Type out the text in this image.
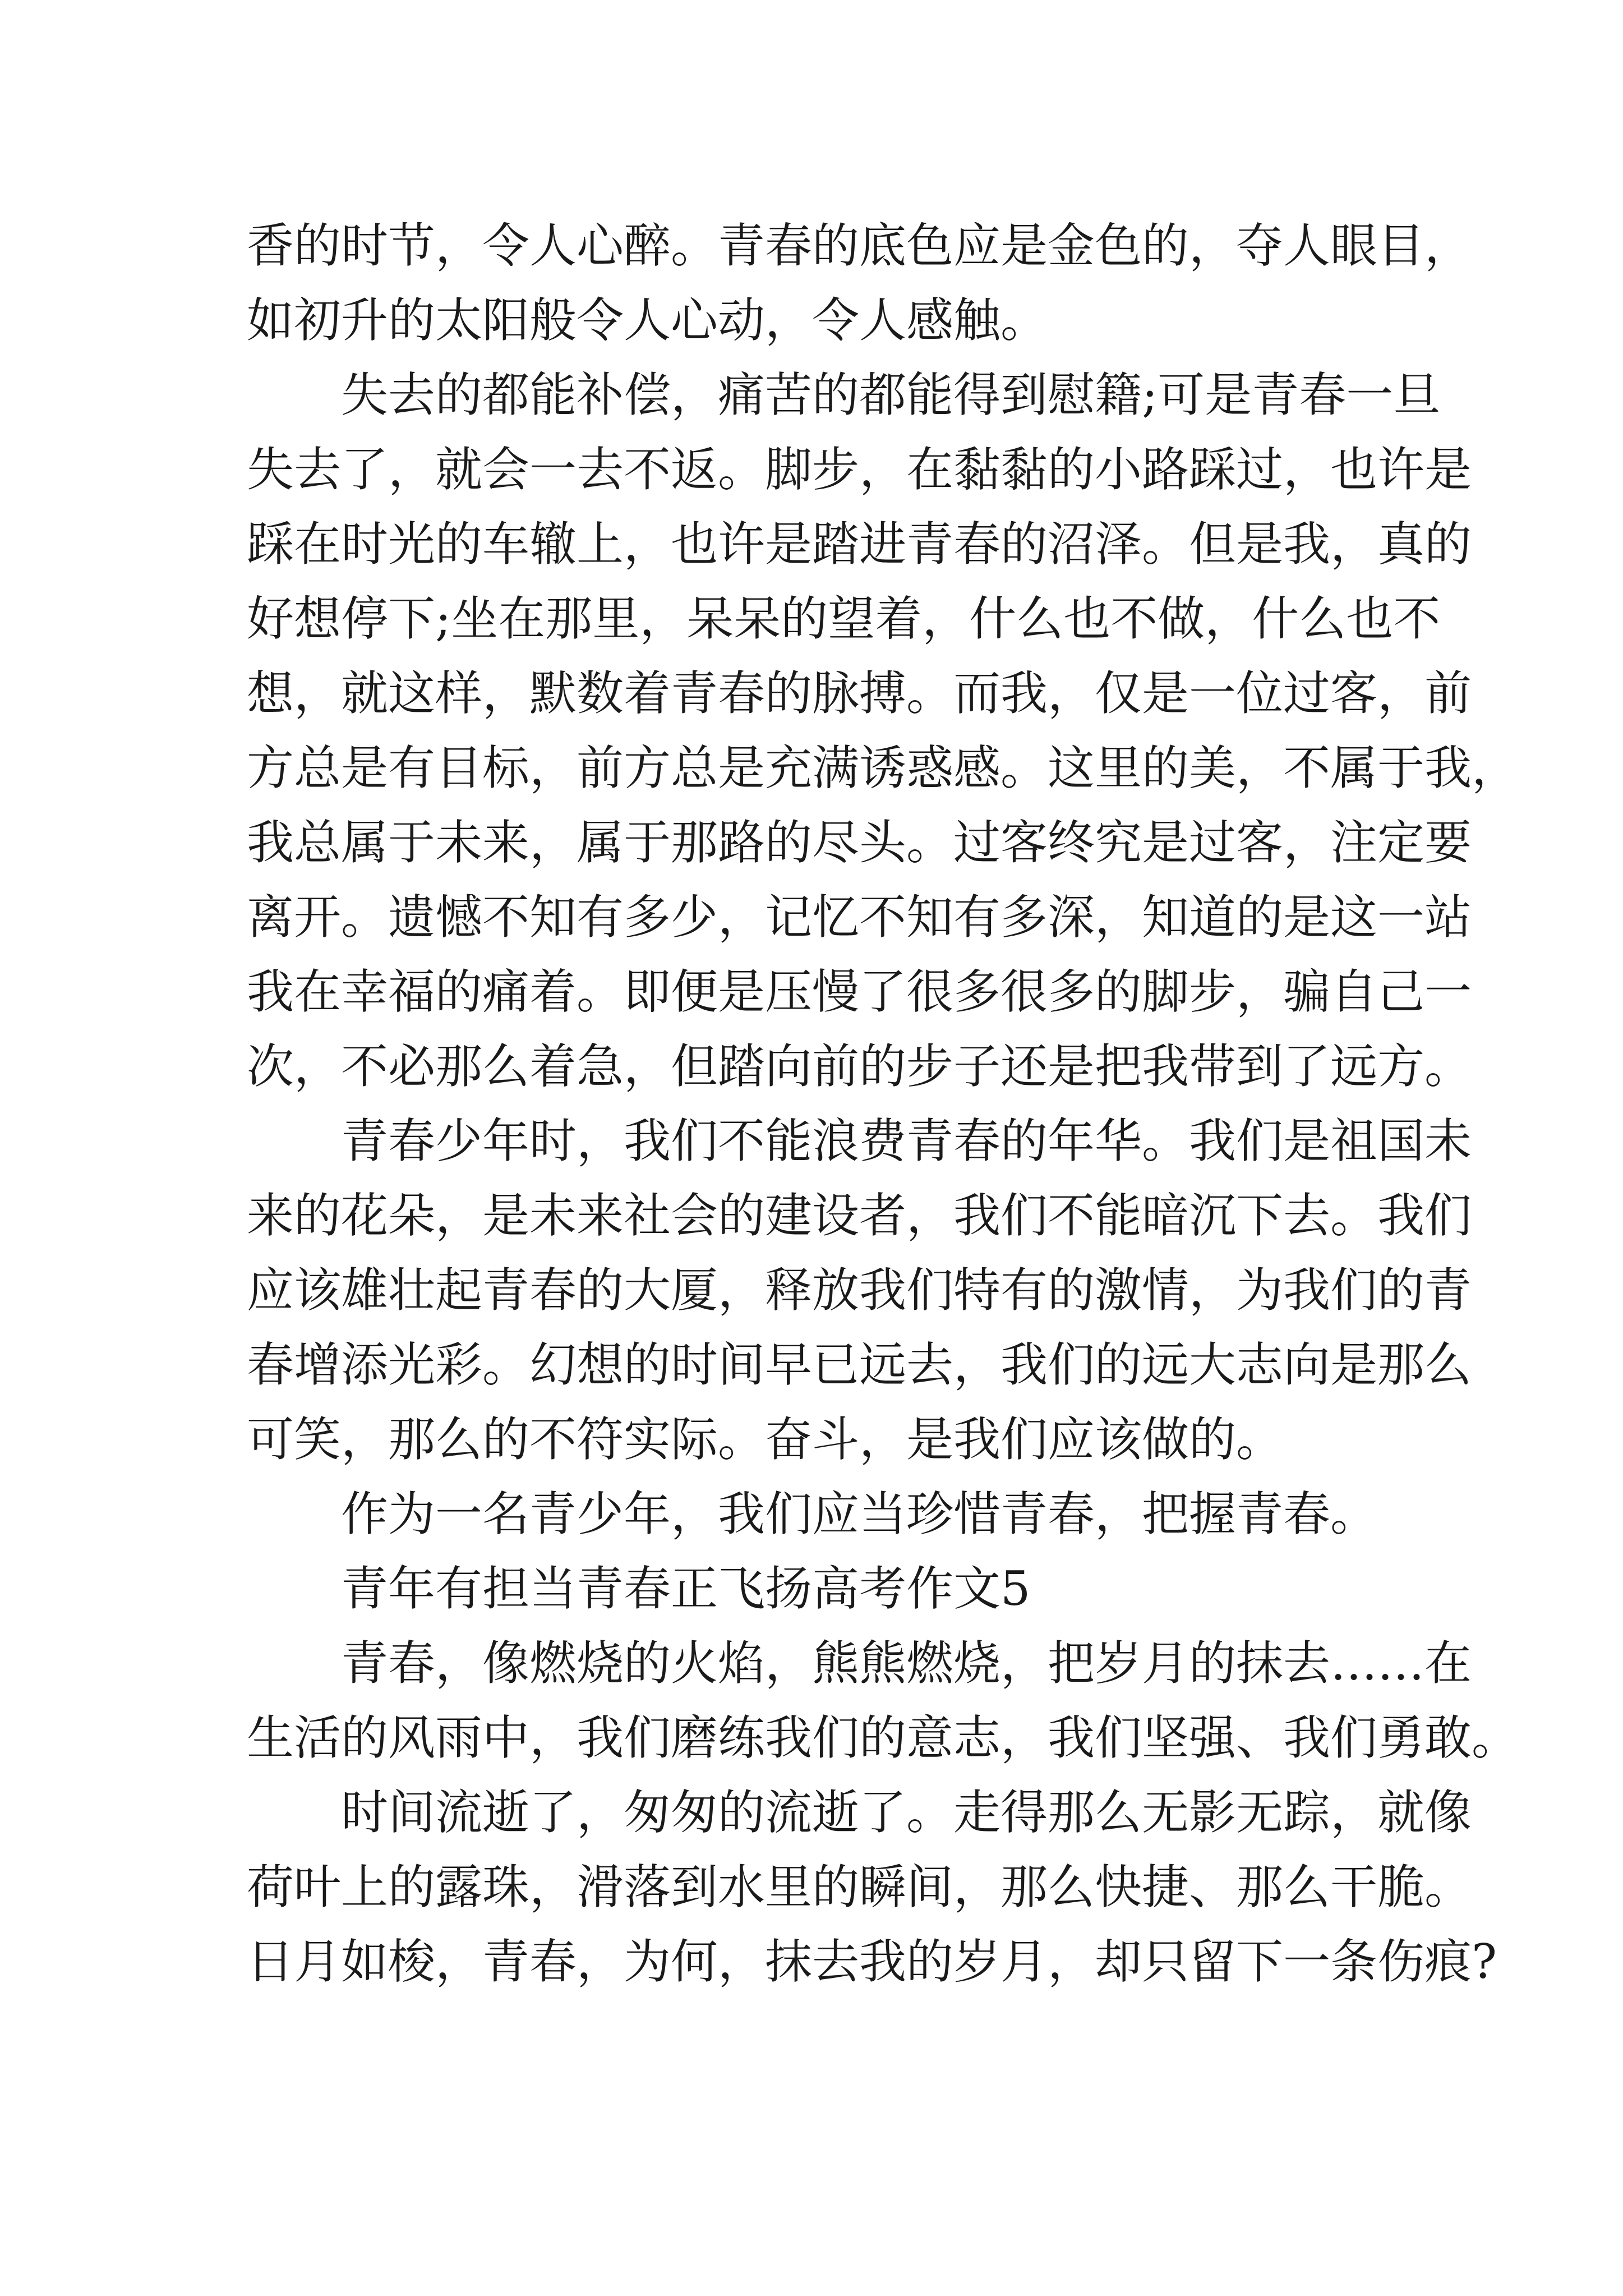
香的时节，令人心醉。青春的底色应是金色的，夺人眼目，
如初升的太阳般令人心动，令人感触。
失去的都能补偿，痛苦的都能得到慰籍;可是青春一旦
失去了，就会一去不返。脚步，在黏黏的小路踩过，也许是
踩在时光的车辙上，也许是踏进青春的沼泽。但是我，真的
好想停下;坐在那里，呆呆的望着，什么也不做，什么也不
想，就这样，默数着青春的脉搏。而我，仅是一位过客，前
方总是有目标，前方总是充满诱惑感。这里的美，不属于我，
我总属于未来，属于那路的尽头。过客终究是过客，注定要
离开。遗憾不知有多少，记忆不知有多深，知道的是这一站
我在幸福的痛着。即便是压慢了很多很多的脚步，骗自己一
次，不必那么着急，但踏向前的步子还是把我带到了远方。
青春少年时，我们不能浪费青春的年华。我们是祖国未
来的花朵，是未来社会的建设者，我们不能暗沉下去。我们
应该雄壮起青春的大厦，释放我们特有的激情，为我们的青
春增添光彩。幻想的时间早已远去，我们的远大志向是那么
可笑，那么的不符实际。奋斗，是我们应该做的。
作为一名青少年，我们应当珍惜青春，把握青春。
青年有担当青春正飞扬高考作文5
青春，像燃烧的火焰，熊熊燃烧，把岁月的抹去……在
生活的风雨中，我们磨练我们的意志，我们坚强、我们勇敢。
时间流逝了，匆匆的流逝了。走得那么无影无踪，就像
荷叶上的露珠，滑落到水里的瞬间，那么快捷、那么干脆。
日月如梭，青春，为何，抹去我的岁月，却只留下一条伤痕?
